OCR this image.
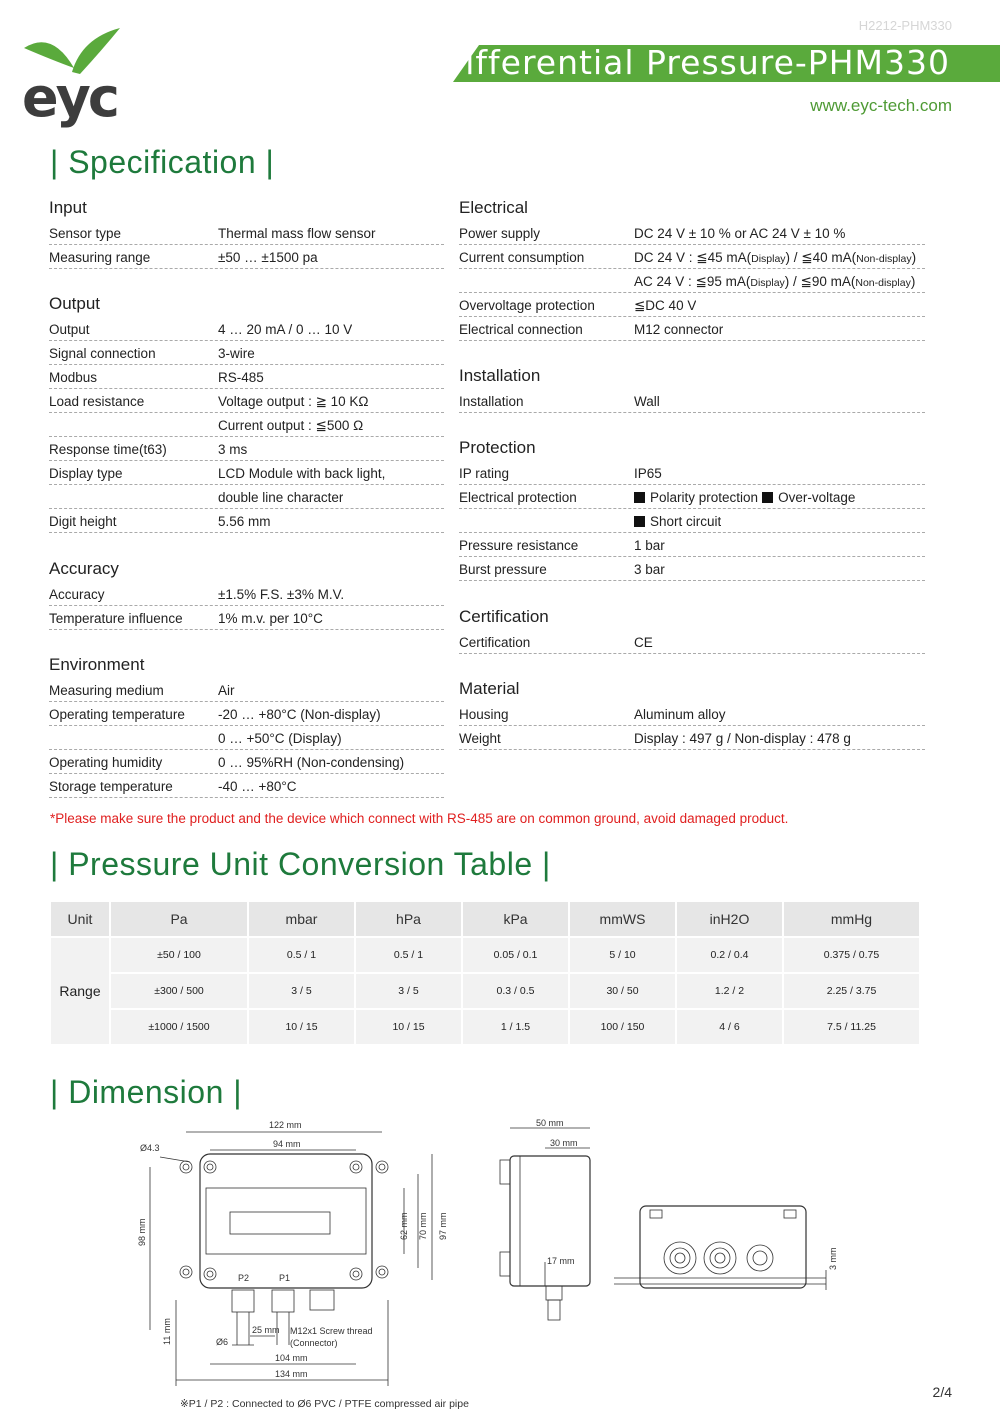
H2212-PHM330
eyc
Differential Pressure-PHM330
www.eyc-tech.com
| Specification |
Input
Sensor type	Thermal mass flow sensor
Measuring range	±50 … ±1500 pa
Output
Output	4 … 20 mA / 0 … 10 V
Signal connection	3-wire
Modbus	RS-485
Load resistance	Voltage output : ≧ 10 KΩ
Current output : ≦500 Ω
Response time(t63)	3 ms
Display type	LCD Module with back light,
double line character
Digit height	5.56 mm
Accuracy
Accuracy	±1.5% F.S. ±3% M.V.
Temperature influence	1% m.v. per 10°C
Environment
Measuring medium	Air
Operating temperature	-20 … +80°C (Non-display)
0 … +50°C (Display)
Operating humidity	0 … 95%RH (Non-condensing)
Storage temperature	-40 … +80°C
Electrical
Power supply	DC 24 V ± 10 % or AC 24 V ± 10 %
Current consumption	DC 24 V : ≦45 mA(Display) / ≦40 mA(Non-display)
AC 24 V : ≦95 mA(Display) / ≦90 mA(Non-display)
Overvoltage protection	≦DC 40 V
Electrical connection	M12 connector
Installation
Installation	Wall
Protection
IP rating	IP65
Electrical protection	Polarity protection Over-voltage
Short circuit
Pressure resistance	1 bar
Burst pressure	3 bar
Certification
Certification	CE
Material
Housing	Aluminum alloy
Weight	Display : 497 g / Non-display : 478 g
*Please make sure the product and the device which connect with RS-485 are on common ground, avoid damaged product.
| Pressure Unit Conversion Table |
Unit	Pa	mbar	hPa	kPa	mmWS	inH2O	mmHg
Range	±50 / 100	0.5 / 1	0.5 / 1	0.05 / 0.1	5 / 10	0.2 / 0.4	0.375 / 0.75
	±300 / 500	3 / 5	3 / 5	0.3 / 0.5	30 / 50	1.2 / 2	2.25 / 3.75
	±1000 / 1500	10 / 15	10 / 15	1 / 1.5	100 / 150	4 / 6	7.5 / 11.25
| Dimension |
122 mm
94 mm
Ø4.3
98 mm	62 mm 70 mm 97 mm
P2	P1
25 mm
Ø6
11 mm
104 mm
134 mm
M12x1 Screw thread
(Connector)
50 mm
30 mm
17 mm	3 mm
※P1 / P2 : Connected to Ø6 PVC / PTFE compressed air pipe
2/4
